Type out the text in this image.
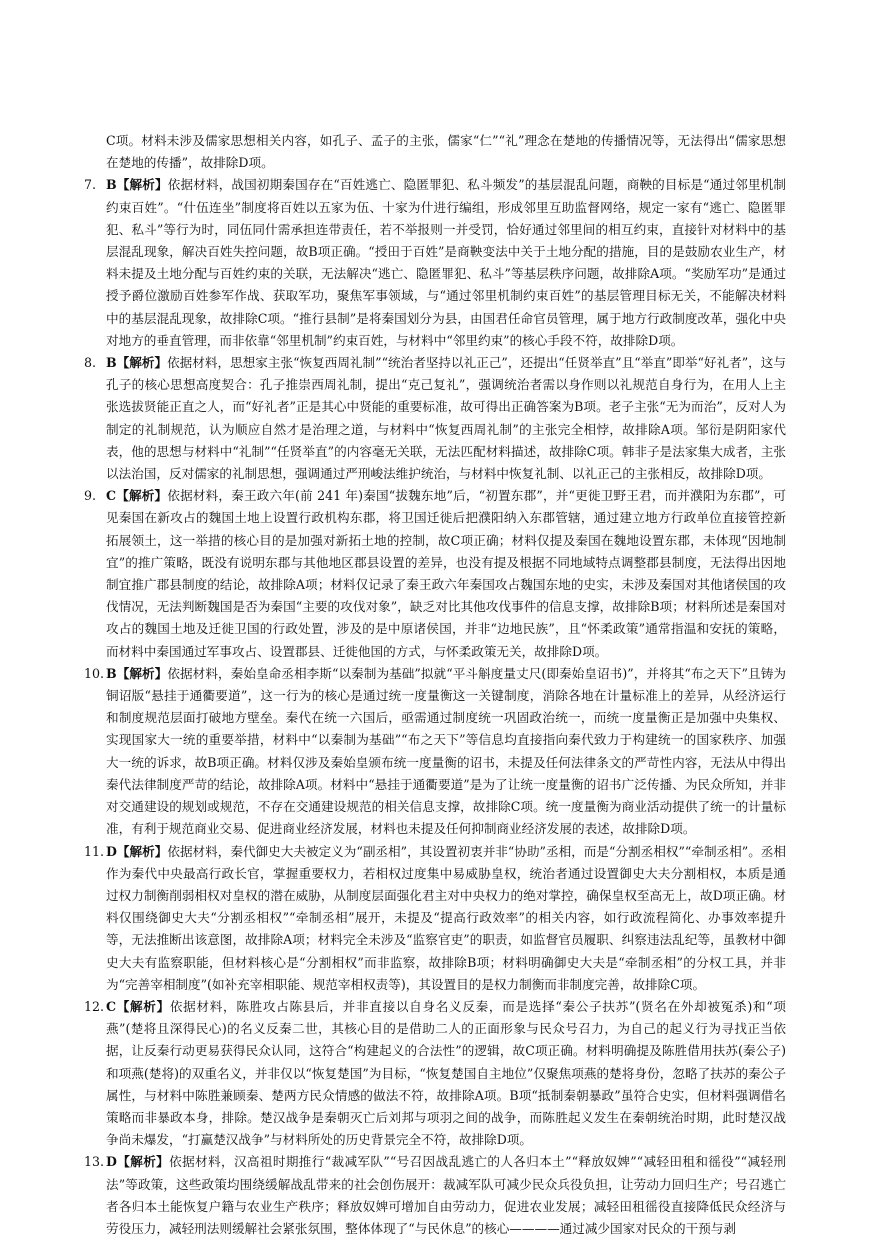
C项。材料未涉及儒家思想相关内容，如孔子、孟子的主张，儒家“仁”“礼”理念在楚地的传播情况等，无法得出“儒家思想在楚地的传播”，故排除D项。

7. B【解析】依据材料，战国初期秦国存在“百姓逃亡、隐匿罪犯、私斗频发”的基层混乱问题，商鞅的目标是“通过邻里机制约束百姓”。“什伍连坐”制度将百姓以五家为伍、十家为什进行编组，形成邻里互助监督网络，规定一家有“逃亡、隐匿罪犯、私斗”等行为时，同伍同什需承担连带责任，若不举报则一并受罚，恰好通过邻里间的相互约束，直接针对材料中的基层混乱现象，解决百姓失控问题，故B项正确。“授田于百姓”是商鞅变法中关于土地分配的措施，目的是鼓励农业生产，材料未提及土地分配与百姓约束的关联，无法解决“逃亡、隐匿罪犯、私斗”等基层秩序问题，故排除A项。“奖励军功”是通过授予爵位激励百姓参军作战、获取军功，聚焦军事领域，与“通过邻里机制约束百姓”的基层管理目标无关，不能解决材料中的基层混乱现象，故排除C项。“推行县制”是将秦国划分为县，由国君任命官员管理，属于地方行政制度改革，强化中央对地方的垂直管理，而非依靠“邻里机制”约束百姓，与材料中“邻里约束”的核心手段不符，故排除D项。

8. B【解析】依据材料，思想家主张“恢复西周礼制”“统治者坚持以礼正己”，还提出“任贤举直”且“举直”即举“好礼者”，这与孔子的核心思想高度契合：孔子推崇西周礼制，提出“克己复礼”，强调统治者需以身作则以礼规范自身行为，在用人上主张选拔贤能正直之人，而“好礼者”正是其心中贤能的重要标准，故可得出正确答案为B项。老子主张“无为而治”，反对人为制定的礼制规范，认为顺应自然才是治理之道，与材料中“恢复西周礼制”的主张完全相悖，故排除A项。邹衍是阴阳家代表，他的思想与材料中“礼制”“任贤举直”的内容毫无关联，无法匹配材料描述，故排除C项。韩非子是法家集大成者，主张以法治国，反对儒家的礼制思想，强调通过严刑峻法维护统治，与材料中恢复礼制、以礼正己的主张相反，故排除D项。

9. C【解析】依据材料，秦王政六年(前 241 年)秦国“拔魏东地”后，“初置东郡”，并“更徙卫野王君，而并濮阳为东郡”，可见秦国在新攻占的魏国土地上设置行政机构东郡，将卫国迁徙后把濮阳纳入东郡管辖，通过建立地方行政单位直接管控新拓展领土，这一举措的核心目的是加强对新拓土地的控制，故C项正确；材料仅提及秦国在魏地设置东郡，未体现“因地制宜”的推广策略，既没有说明东郡与其他地区郡县设置的差异，也没有提及根据不同地域特点调整郡县制度，无法得出因地制宜推广郡县制度的结论，故排除A项；材料仅记录了秦王政六年秦国攻占魏国东地的史实，未涉及秦国对其他诸侯国的攻伐情况，无法判断魏国是否为秦国“主要的攻伐对象”，缺乏对比其他攻伐事件的信息支撑，故排除B项；材料所述是秦国对攻占的魏国土地及迁徙卫国的行政处置，涉及的是中原诸侯国，并非“边地民族”，且“怀柔政策”通常指温和安抚的策略，而材料中秦国通过军事攻占、设置郡县、迁徙他国的方式，与怀柔政策无关，故排除D项。

10. B【解析】依据材料，秦始皇命丞相李斯“以秦制为基础”拟就“平斗斛度量丈尺(即秦始皇诏书)”，并将其“布之天下”且铸为铜诏版“悬挂于通衢要道”，这一行为的核心是通过统一度量衡这一关键制度，消除各地在计量标准上的差异，从经济运行和制度规范层面打破地方壁垒。秦代在统一六国后，亟需通过制度统一巩固政治统一，而统一度量衡正是加强中央集权、实现国家大一统的重要举措，材料中“以秦制为基础”“布之天下”等信息均直接指向秦代致力于构建统一的国家秩序、加强大一统的诉求，故B项正确。材料仅涉及秦始皇颁布统一度量衡的诏书，未提及任何法律条文的严苛性内容，无法从中得出秦代法律制度严苛的结论，故排除A项。材料中“悬挂于通衢要道”是为了让统一度量衡的诏书广泛传播、为民众所知，并非对交通建设的规划或规范，不存在交通建设规范的相关信息支撑，故排除C项。统一度量衡为商业活动提供了统一的计量标准，有利于规范商业交易、促进商业经济发展，材料也未提及任何抑制商业经济发展的表述，故排除D项。

11. D【解析】依据材料，秦代御史大夫被定义为“副丞相”，其设置初衷并非“协助”丞相，而是“分割丞相权”“牵制丞相”。丞相作为秦代中央最高行政长官，掌握重要权力，若相权过度集中易威胁皇权，统治者通过设置御史大夫分割相权，本质是通过权力制衡削弱相权对皇权的潜在威胁，从制度层面强化君主对中央权力的绝对掌控，确保皇权至高无上，故D项正确。材料仅围绕御史大夫“分割丞相权”“牵制丞相”展开，未提及“提高行政效率”的相关内容，如行政流程简化、办事效率提升等，无法推断出该意图，故排除A项；材料完全未涉及“监察官吏”的职责，如监督官员履职、纠察违法乱纪等，虽教材中御史大夫有监察职能，但材料核心是“分割相权”而非监察，故排除B项；材料明确御史大夫是“牵制丞相”的分权工具，并非为“完善宰相制度”(如补充宰相职能、规范宰相权责等)，其设置目的是权力制衡而非制度完善，故排除C项。

12. C【解析】依据材料，陈胜攻占陈县后，并非直接以自身名义反秦，而是选择“秦公子扶苏”(贤名在外却被冤杀)和“项燕”(楚将且深得民心)的名义反秦二世，其核心目的是借助二人的正面形象与民众号召力，为自己的起义行为寻找正当依据，让反秦行动更易获得民众认同，这符合“构建起义的合法性”的逻辑，故C项正确。材料明确提及陈胜借用扶苏(秦公子)和项燕(楚将)的双重名义，并非仅以“恢复楚国”为目标，“恢复楚国自主地位”仅聚焦项燕的楚将身份，忽略了扶苏的秦公子属性，与材料中陈胜兼顾秦、楚两方民众情感的做法不符，故排除A项。B项“抵制秦朝暴政”虽符合史实，但材料强调借名策略而非暴政本身，排除。楚汉战争是秦朝灭亡后刘邦与项羽之间的战争，而陈胜起义发生在秦朝统治时期，此时楚汉战争尚未爆发，“打赢楚汉战争”与材料所处的历史背景完全不符，故排除D项。

13. D【解析】依据材料，汉高祖时期推行“裁减军队”“号召因战乱逃亡的人各归本土”“释放奴婢”“减轻田租和徭役”“减轻刑法”等政策，这些政策均围绕缓解战乱带来的社会创伤展开：裁减军队可减少民众兵役负担，让劳动力回归生产；号召逃亡者各归本土能恢复户籍与农业生产秩序；释放奴婢可增加自由劳动力，促进农业发展；减轻田租徭役直接降低民众经济与劳役压力，减轻刑法则缓解社会紧张氛围，整体体现了“与民休息”的核心————通过减少国家对民众的干预与剥
